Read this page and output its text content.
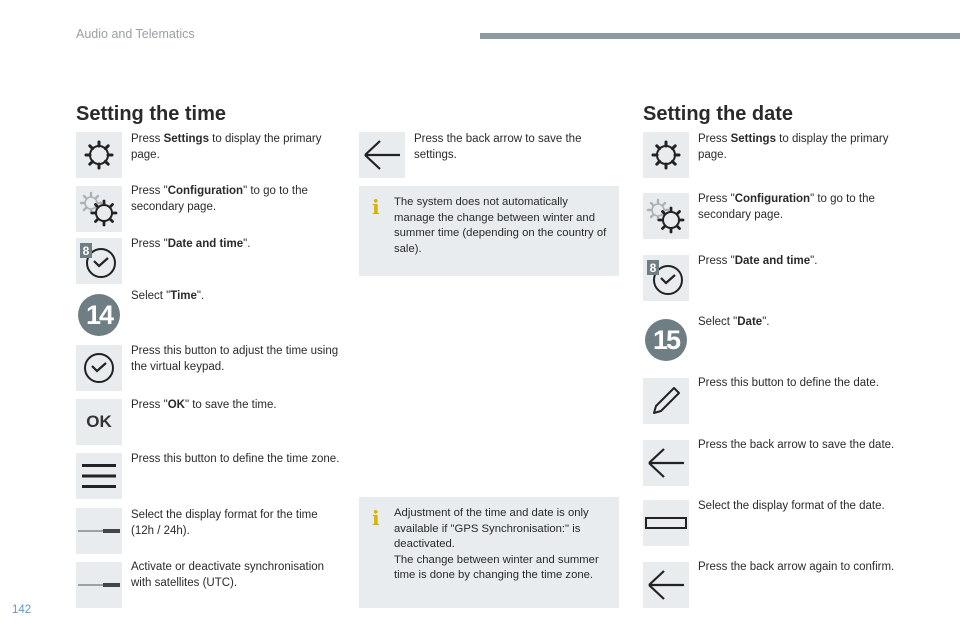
Audio and Telematics
Setting the time
Press Settings to display the primary page.
Press "Configuration" to go to the secondary page.
8	Press "Date and time".
14
Select "Time".
Press this button to adjust the time using the virtual keypad.
OK
Press "OK" to save the time.
Press this button to define the time zone.
Select the display format for the time (12h / 24h).
Activate or deactivate synchronisation with satellites (UTC).
Press the back arrow to save the settings.
i The system does not automatically manage the change between winter and summer time (depending on the country of sale).

i Adjustment of the time and date is only available if "GPS Synchronisation:" is deactivated.

The change between winter and summer time is done by changing the time zone.

Setting the date
Press Settings to display the primary page.
Press "Configuration" to go to the secondary page.
8	Press "Date and time".
15
Select "Date".
Press this button to define the date.
Press the back arrow to save the date.
Select the display format of the date.
Press the back arrow again to confirm.
142
